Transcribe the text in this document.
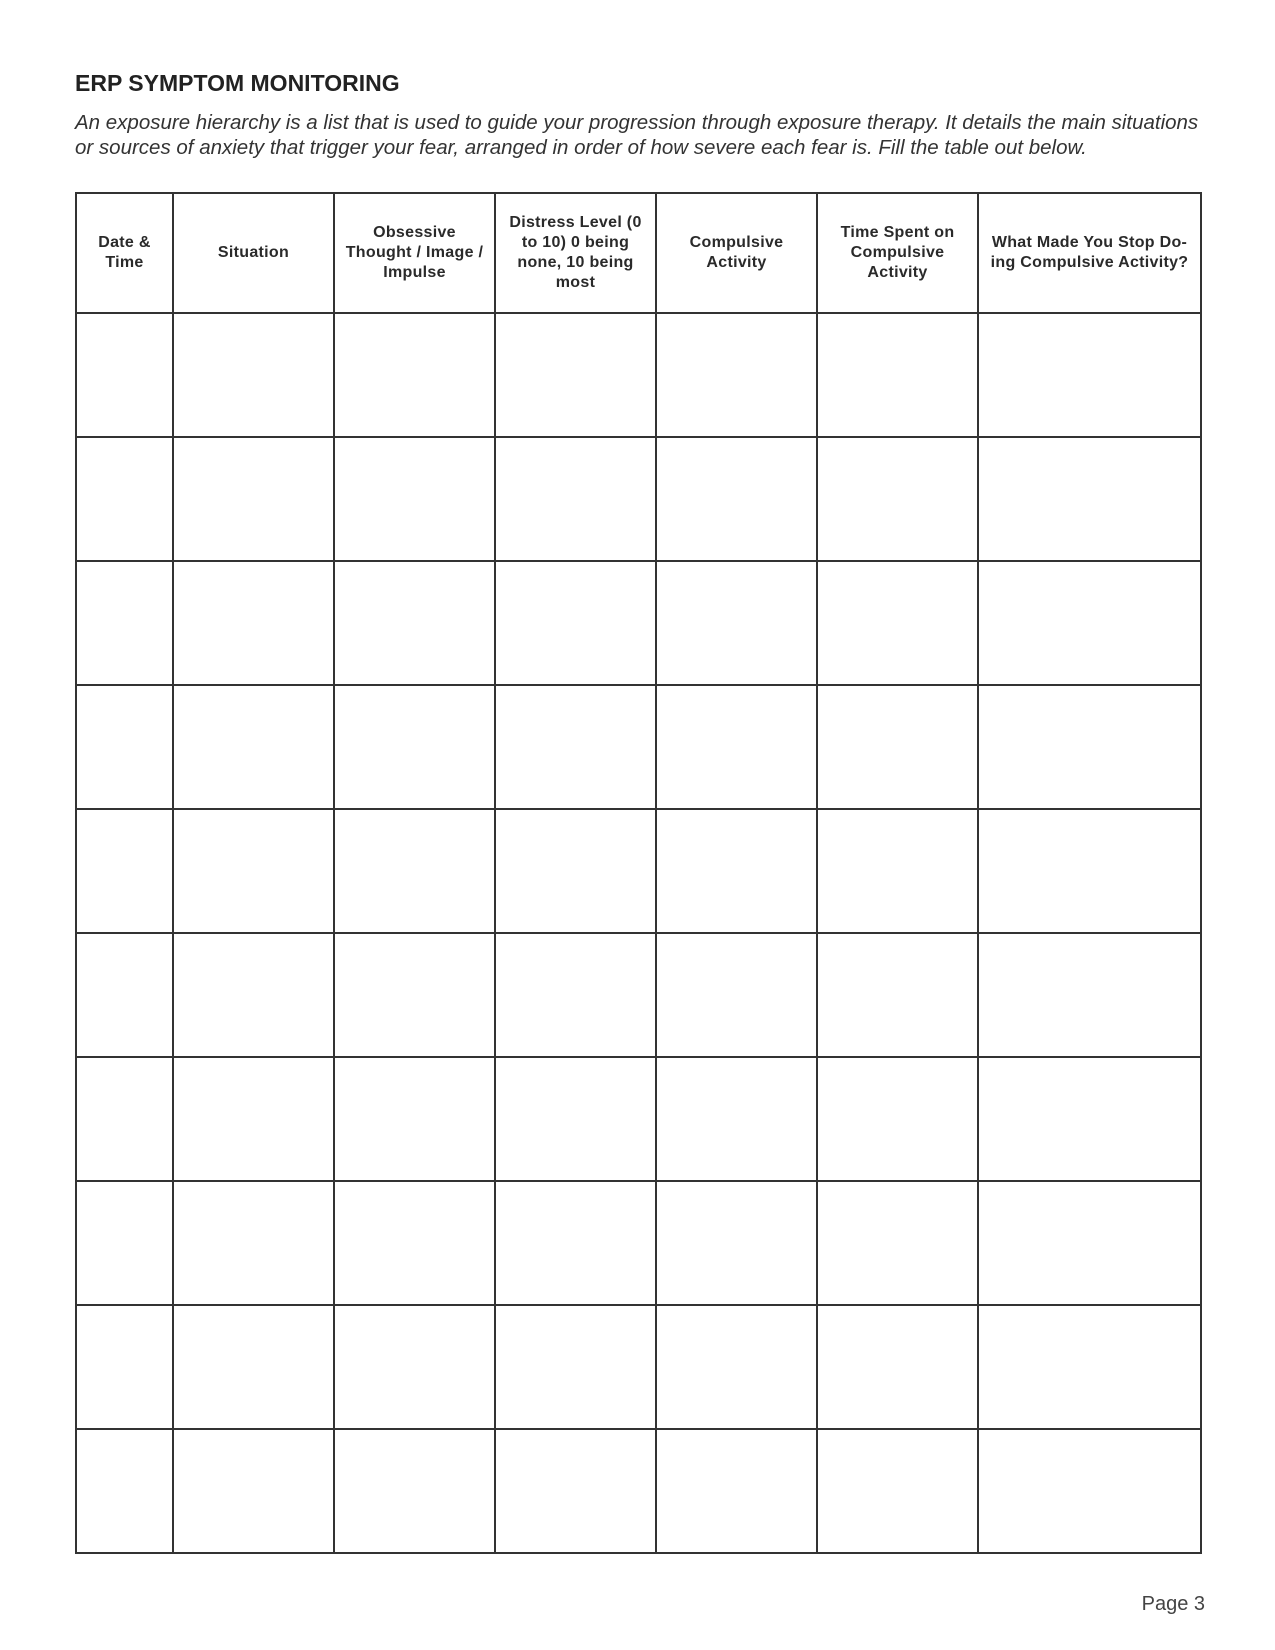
ERP SYMPTOM MONITORING

An exposure hierarchy is a list that is used to guide your progression through exposure therapy. It details the main situations or sources of anxiety that trigger your fear, arranged in order of how severe each fear is. Fill the table out below.

Date & Time	Situation	Obsessive Thought / Image / Impulse	Distress Level (0 to 10) 0 being none, 10 being most	Compulsive Activity	Time Spent on Compulsive Activity	What Made You Stop Do-ing Compulsive Activity?

Page 3
